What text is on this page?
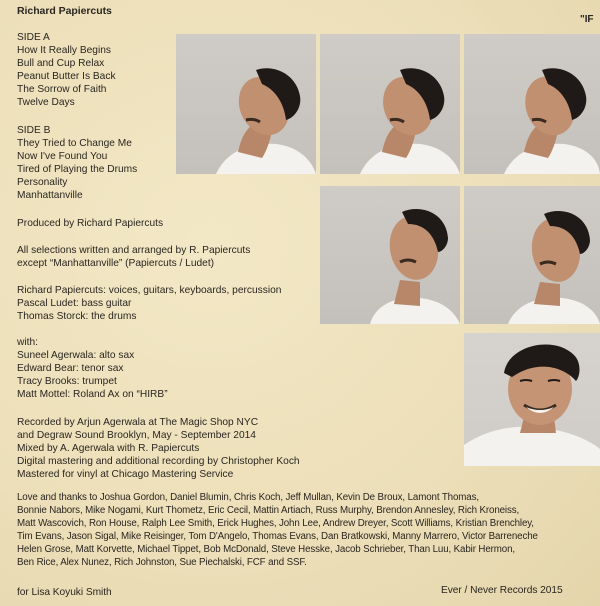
Richard Papiercuts
"IF
SIDE A
How It Really Begins
Bull and Cup Relax
Peanut Butter Is Back
The Sorrow of Faith
Twelve Days
SIDE B
They Tried to Change Me
Now I've Found You
Tired of Playing the Drums
Personality
Manhattanville
Produced by Richard Papiercuts
All selections written and arranged by R. Papiercuts
except “Manhattanville” (Papiercuts / Ludet)
Richard Papiercuts: voices, guitars, keyboards, percussion
Pascal Ludet: bass guitar
Thomas Storck: the drums
with:
Suneel Agerwala: alto sax
Edward Bear: tenor sax
Tracy Brooks: trumpet
Matt Mottel: Roland Ax on “HIRB”
Recorded by Arjun Agerwala at The Magic Shop NYC
and Degraw Sound Brooklyn, May - September 2014
Mixed by A. Agerwala with R. Papiercuts
Digital mastering and additional recording by Christopher Koch
Mastered for vinyl at Chicago Mastering Service
Love and thanks to Joshua Gordon, Daniel Blumin, Chris Koch, Jeff Mullan, Kevin De Broux, Lamont Thomas,
Bonnie Nabors, Mike Nogami, Kurt Thometz, Eric Cecil, Mattin Artiach, Russ Murphy, Brendon Annesley, Rich Kroneiss,
Matt Wascovich, Ron House, Ralph Lee Smith, Erick Hughes, John Lee, Andrew Dreyer, Scott Williams, Kristian Brenchley,
Tim Evans, Jason Sigal, Mike Reisinger, Tom D'Angelo, Thomas Evans, Dan Bratkowski, Manny Marrero, Victor Barreneche
Helen Grose, Matt Korvette, Michael Tippet, Bob McDonald, Steve Hesske, Jacob Schrieber, Than Luu, Kabir Hermon,
Ben Rice, Alex Nunez, Rich Johnston, Sue Piechalski, FCF and SSF.
for Lisa Koyuki Smith	Ever / Never Records 2015
